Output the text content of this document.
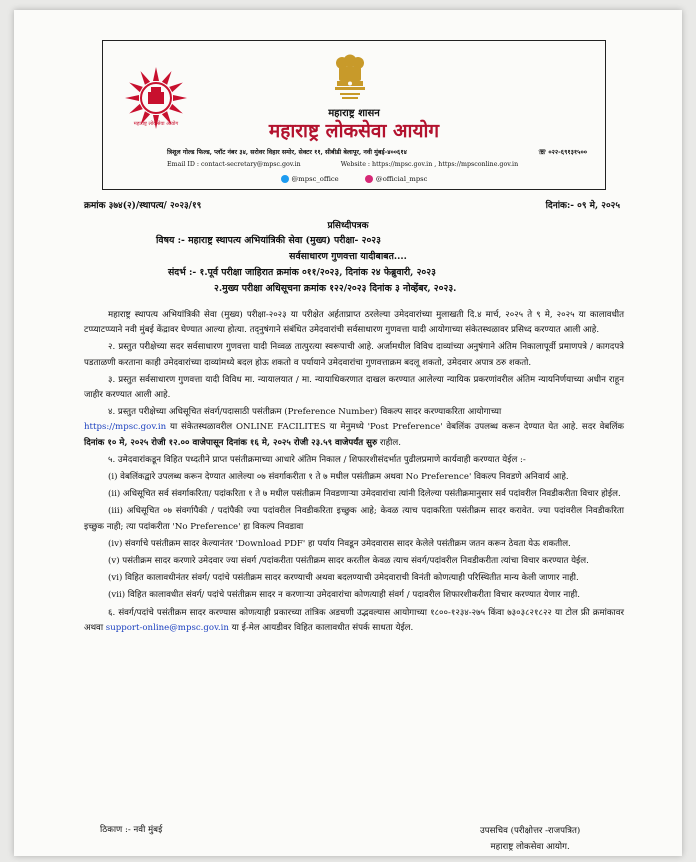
महाराष्ट्र लोकसेवा आयोग
महाराष्ट्र शासन
महाराष्ट्र लोकसेवा आयोग
त्रिशूल गोल्ड फिल्ड, प्लॉट नंबर ३४, सरोवर विहार समोर, सेक्टर ११, सीबीडी बेलापूर, नवी मुंबई-४००६१४	☏ ०२२-६९१३१५००
Email ID : contact-secretary@mpsc.gov.in	Website : https://mpsc.gov.in , https://mpsconline.gov.in
@mpsc_office	@official_mpsc
क्रमांक ३७४(२)/स्थापत्य/ २०२३/१९	दिनांक:- ०९ मे, २०२५
प्रसिध्दीपत्रक
विषय :- महाराष्ट्र स्थापत्य अभियांत्रिकी सेवा (मुख्य) परीक्षा- २०२३
सर्वसाधारण गुणवत्ता यादीबाबत....
संदर्भ :- १.पूर्व परीक्षा जाहिरात क्रमांक ०११/२०२३, दिनांक २४ फेब्रुवारी, २०२३
२.मुख्य परीक्षा अधिसूचना क्रमांक १२२/२०२३ दिनांक ३ नोव्हेंबर, २०२३.

महाराष्ट्र स्थापत्य अभियांत्रिकी सेवा (मुख्य) परीक्षा-२०२३ या परीक्षेत अर्हताप्राप्त ठरलेल्या उमेदवारांच्या मुलाखती दि.४ मार्च, २०२५ ते ९ मे, २०२५ या कालावधीत टप्प्याटप्प्याने नवी मुंबई केंद्रावर घेण्यात आल्या होत्या. तद्नुषंगाने संबंधित उमेदवारांची सर्वसाधारण गुणवत्ता यादी आयोगाच्या संकेतस्थळावर प्रसिध्द करण्यात आली आहे.

२. प्रस्तुत परीक्षेच्या सदर सर्वसाधारण गुणवत्ता यादी निव्वळ तात्पुरत्या स्वरूपाची आहे. अर्जामधील विविध दाव्यांच्या अनुषंगाने अंतिम निकालापूर्वी प्रमाणपत्रे / कागदपत्रे पडताळणी करताना काही उमेदवारांच्या दाव्यांमध्ये बदल होऊ शकतो व पर्यायाने उमेदवारांचा गुणवत्ताक्रम बदलू शकतो, उमेदवार अपात्र ठरु शकतो.

३. प्रस्तुत सर्वसाधारण गुणवत्ता यादी विविध मा. न्यायालयात / मा. न्यायाधिकरणात दाखल करण्यात आलेल्या न्यायिक प्रकरणांवरील अंतिम न्यायनिर्णयाच्या अधीन राहून जाहीर करण्यात आली आहे.

४. प्रस्तुत परीक्षेच्या अधिसूचित संवर्ग/पदासाठी पसंतीक्रम (Preference Number) विकल्प सादर करण्याकरिता आयोगाच्या
https://mpsc.gov.in या संकेतस्थळावरील ONLINE FACILITES या मेनुमध्ये 'Post Preference' वेबलिंक उपलब्ध करून देण्यात येत आहे. सदर वेबलिंक दिनांक १० मे, २०२५ रोजी १२.०० वाजेपासून दिनांक १६ मे, २०२५ रोजी २३.५९ वाजेपर्यंत सुरु राहील.

५. उमेदवारांकडून विहित पध्दतीने प्राप्त पसंतीक्रमाच्या आधारे अंतिम निकाल / शिफारशीसंदर्भात पुढीलप्रमाणे कार्यवाही करण्यात येईल :-

(i) वेबलिंकद्वारे उपलब्ध करून देण्यात आलेल्या ०७ संवर्गाकरीता १ ते ७ मधील पसंतीक्रम अथवा No Preference' विकल्प निवडणे अनिवार्य आहे.

(ii) अधिसूचित सर्व संवर्गाकरिता/ पदांकरिता १ ते ७ मधील पसंतीक्रम निवडणाऱ्या उमेदवारांचा त्यांनी दिलेल्या पसंतीक्रमानुसार सर्व पदांवरील निवडीकरीता विचार होईल.

(iii) अधिसूचित ०७ संवर्गापैकी / पदांपैकी ज्या पदांवरील निवडीकरिता इच्छुक आहे; केवळ त्याच पदाकरिता पसंतीक्रम सादर करावेत. ज्या पदांवरील निवडीकरिता इच्छुक नाही; त्या पदांकरीता 'No Preference' हा विकल्प निवडावा

(iv) संवर्गाचे पसंतीक्रम सादर केल्यानंतर 'Download PDF' हा पर्याय निवडून उमेदवारास सादर केलेले पसंतीक्रम जतन करून ठेवता येऊ शकतील.

(v) पसंतीक्रम सादर करणारे उमेदवार ज्या संवर्ग /पदांकरीता पसंतीक्रम सादर करतील केवळ त्याच संवर्ग/पदांवरील निवडीकरीता त्यांचा विचार करण्यात येईल.

(vi) विहित कालावधीनंतर संवर्ग/ पदांचे पसंतीक्रम सादर करण्याची अथवा बदलण्याची उमेदवाराची विनंती कोणत्याही परिस्थितीत मान्य केली जाणार नाही.

(vii) विहित कालावधीत संवर्ग/ पदांचे पसंतीक्रम सादर न करणाऱ्या उमेदवारांचा कोणत्याही संवर्ग / पदावरील शिफारशीकरीता विचार करण्यात येणार नाही.

६. संवर्ग/पदांचे पसंतीक्रम सादर करण्यास कोणत्याही प्रकारच्या तांत्रिक अडचणी उद्भवल्यास आयोगाच्या १८००-१२३४-२७५ किंवा ७३०३८२१८२२ या टोल फ्री क्रमांकावर अथवा support-online@mpsc.gov.in या ई-मेल आयडीवर विहित कालावधीत संपर्क साधता येईल.

ठिकाण :- नवी मुंबई	उपसचिव (परीक्षोत्तर -राजपत्रित)
महाराष्ट्र लोकसेवा आयोग.
